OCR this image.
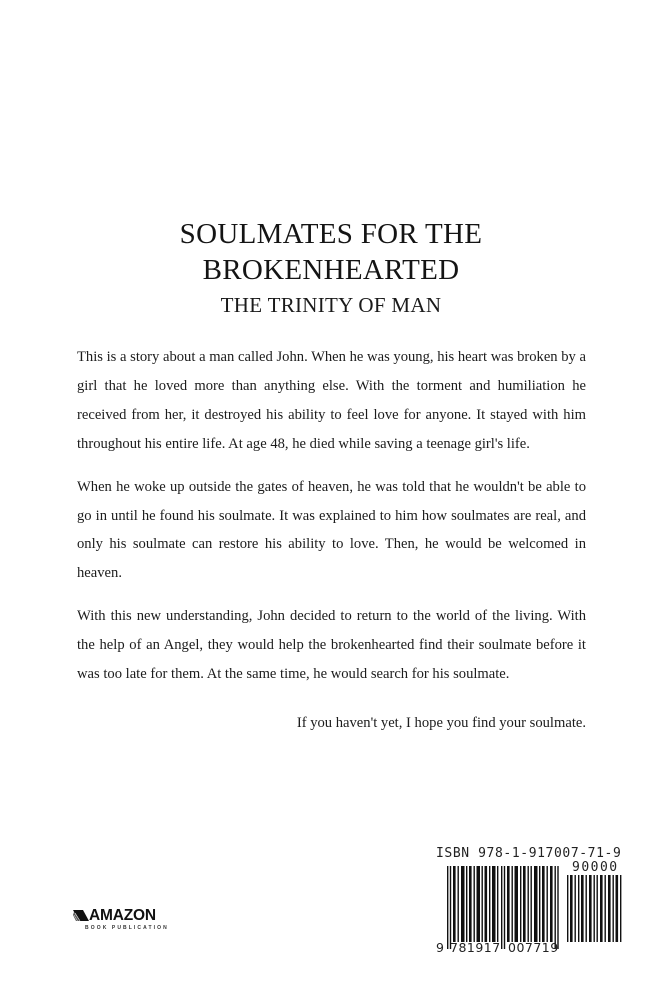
SOULMATES FOR THE
BROKENHEARTED
THE TRINITY OF MAN

This is a story about a man called John. When he was young, his heart was broken by a girl that he loved more than anything else. With the torment and humiliation he received from her, it destroyed his ability to feel love for anyone. It stayed with him throughout his entire life. At age 48, he died while saving a teenage girl's life.

When he woke up outside the gates of heaven, he was told that he wouldn't be able to go in until he found his soulmate. It was explained to him how soulmates are real, and only his soulmate can restore his ability to love. Then, he would be welcomed in heaven.

With this new understanding, John decided to return to the world of the living. With the help of an Angel, they would help the brokenhearted find their soulmate before it was too late for them. At the same time, he would search for his soulmate.

If you haven't yet, I hope you find your soulmate.

AMAZON
BOOK PUBLICATION
ISBN 978-1-917007-71-9
90000
9 781917 007719
